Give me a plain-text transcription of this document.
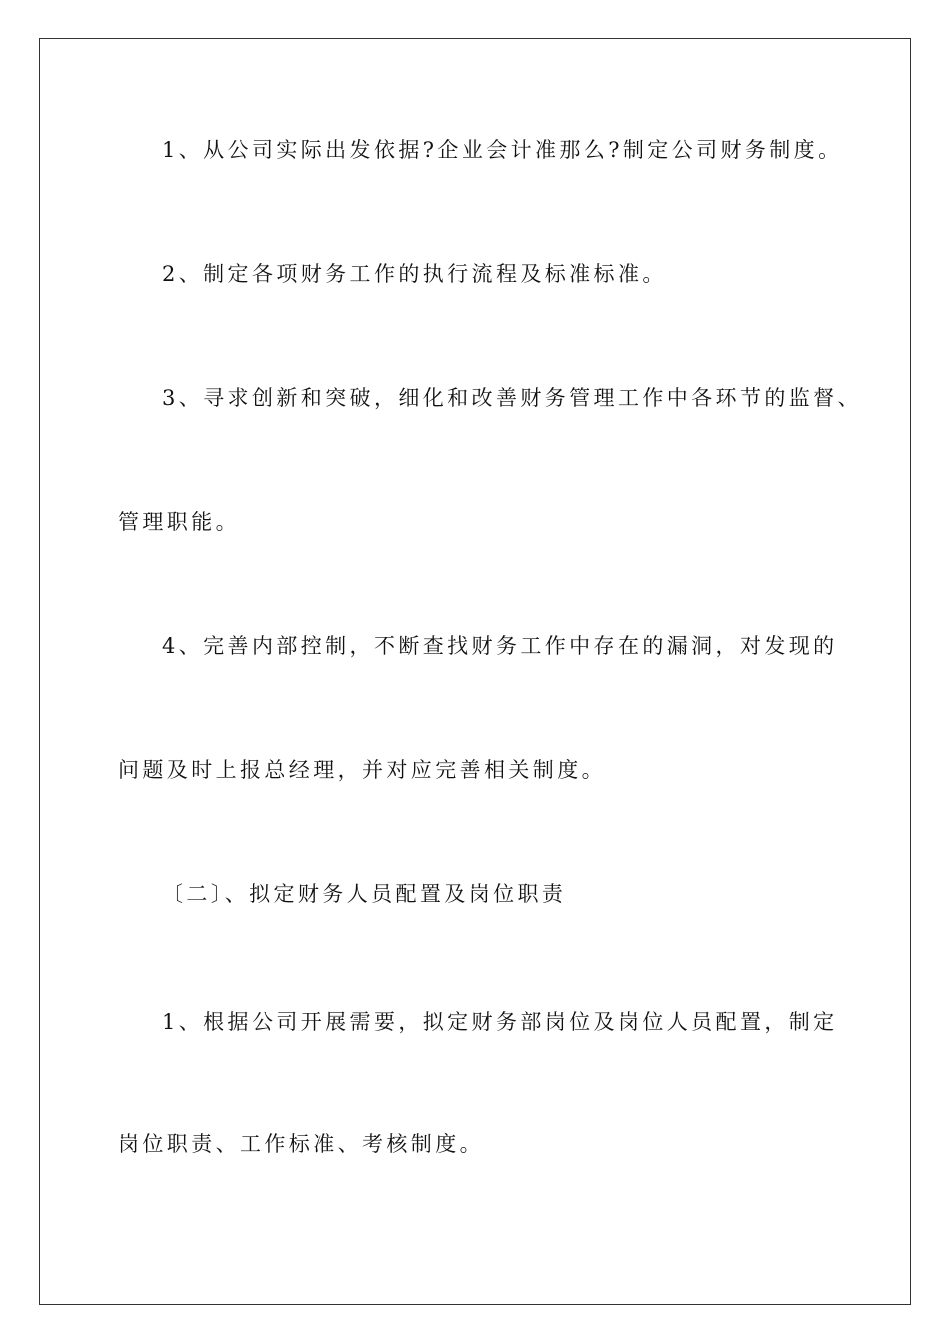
1、从公司实际出发依据?企业会计准那么?制定公司财务制度。
2、制定各项财务工作的执行流程及标准标准。
3、寻求创新和突破，细化和改善财务管理工作中各环节的监督、
管理职能。
4、完善内部控制，不断查找财务工作中存在的漏洞，对发现的
问题及时上报总经理，并对应完善相关制度。
〔二〕、拟定财务人员配置及岗位职责
1、根据公司开展需要，拟定财务部岗位及岗位人员配置，制定
岗位职责、工作标准、考核制度。
